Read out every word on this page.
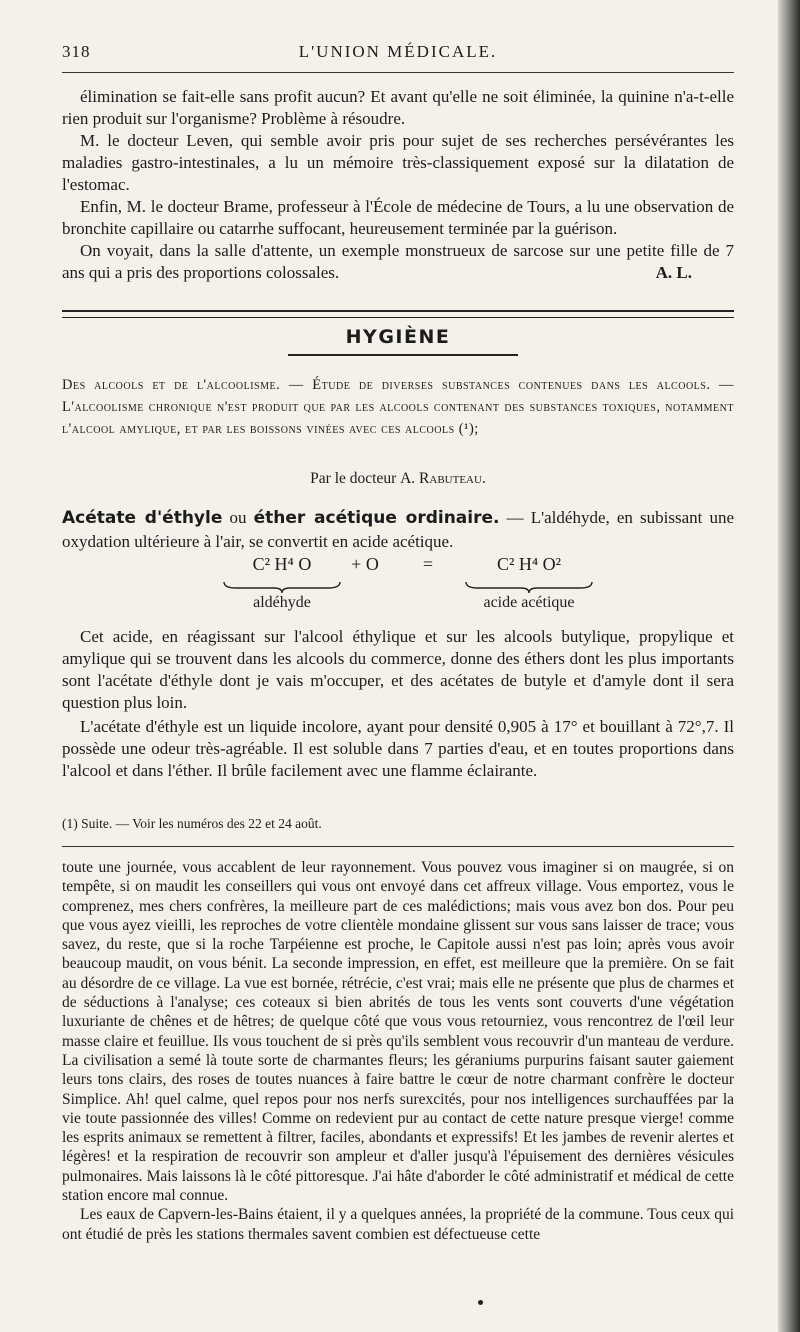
318	L'UNION MÉDICALE.

élimination se fait-elle sans profit aucun? Et avant qu'elle ne soit éliminée, la quinine n'a-t-elle rien produit sur l'organisme? Problème à résoudre.

M. le docteur Leven, qui semble avoir pris pour sujet de ses recherches persévérantes les maladies gastro-intestinales, a lu un mémoire très-classiquement exposé sur la dilatation de l'estomac.

Enfin, M. le docteur Brame, professeur à l'École de médecine de Tours, a lu une observation de bronchite capillaire ou catarrhe suffocant, heureusement terminée par la guérison.

On voyait, dans la salle d'attente, un exemple monstrueux de sarcose sur une petite fille de 7 ans qui a pris des proportions colossales.	A. L.

HYGIÈNE
Des alcools et de l'alcoolisme. — Étude de diverses substances contenues dans les alcools. — L'alcoolisme chronique n'est produit que par les alcools contenant des substances toxiques, notamment l'alcool amylique, et par les boissons vinées avec ces alcools (¹);
Par le docteur A. Rabuteau.

Acétate d'éthyle ou éther acétique ordinaire. — L'aldéhyde, en subissant une oxydation ultérieure à l'air, se convertit en acide acétique.

C² H⁴ O	+ O	=	C² H⁴ O²
aldéhyde	acide acétique

Cet acide, en réagissant sur l'alcool éthylique et sur les alcools butylique, propylique et amylique qui se trouvent dans les alcools du commerce, donne des éthers dont les plus importants sont l'acétate d'éthyle dont je vais m'occuper, et des acétates de butyle et d'amyle dont il sera question plus loin.

L'acétate d'éthyle est un liquide incolore, ayant pour densité 0,905 à 17° et bouillant à 72°,7. Il possède une odeur très-agréable. Il est soluble dans 7 parties d'eau, et en toutes proportions dans l'alcool et dans l'éther. Il brûle facilement avec une flamme éclairante.

(1) Suite. — Voir les numéros des 22 et 24 août.

toute une journée, vous accablent de leur rayonnement. Vous pouvez vous imaginer si on maugrée, si on tempête, si on maudit les conseillers qui vous ont envoyé dans cet affreux village. Vous emportez, vous le comprenez, mes chers confrères, la meilleure part de ces malédictions; mais vous avez bon dos. Pour peu que vous ayez vieilli, les reproches de votre clientèle mondaine glissent sur vous sans laisser de trace; vous savez, du reste, que si la roche Tarpéienne est proche, le Capitole aussi n'est pas loin; après vous avoir beaucoup maudit, on vous bénit. La seconde impression, en effet, est meilleure que la première. On se fait au désordre de ce village. La vue est bornée, rétrécie, c'est vrai; mais elle ne présente que plus de charmes et de séductions à l'analyse; ces coteaux si bien abrités de tous les vents sont couverts d'une végétation luxuriante de chênes et de hêtres; de quelque côté que vous vous retourniez, vous rencontrez de l'œil leur masse claire et feuillue. Ils vous touchent de si près qu'ils semblent vous recouvrir d'un manteau de verdure. La civilisation a semé là toute sorte de charmantes fleurs; les géraniums purpurins faisant sauter gaiement leurs tons clairs, des roses de toutes nuances à faire battre le cœur de notre charmant confrère le docteur Simplice. Ah! quel calme, quel repos pour nos nerfs surexcités, pour nos intelligences surchauffées par la vie toute passionnée des villes! Comme on redevient pur au contact de cette nature presque vierge! comme les esprits animaux se remettent à filtrer, faciles, abondants et expressifs! Et les jambes de revenir alertes et légères! et la respiration de recouvrir son ampleur et d'aller jusqu'à l'épuisement des dernières vésicules pulmonaires. Mais laissons là le côté pittoresque. J'ai hâte d'aborder le côté administratif et médical de cette station encore mal connue.

Les eaux de Capvern-les-Bains étaient, il y a quelques années, la propriété de la commune. Tous ceux qui ont étudié de près les stations thermales savent combien est défectueuse cette
